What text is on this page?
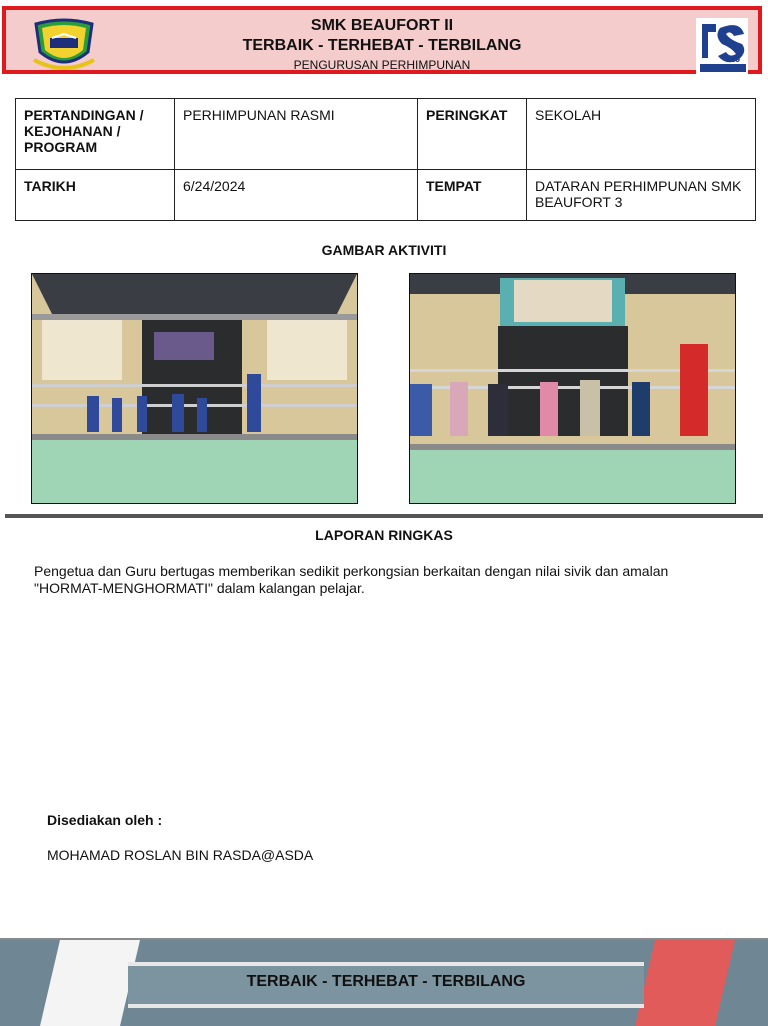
SMK BEAUFORT II
TERBAIK - TERHEBAT - TERBILANG
PENGURUSAN PERHIMPUNAN	25
PERTANDINGAN / KEJOHANAN / PROGRAM	PERHIMPUNAN RASMI	PERINGKAT	SEKOLAH
TARIKH	6/24/2024	TEMPAT	DATARAN PERHIMPUNAN SMK BEAUFORT 3
GAMBAR AKTIVITI
LAPORAN RINGKAS
Pengetua dan Guru bertugas memberikan sedikit perkongsian berkaitan dengan nilai sivik dan amalan "HORMAT-MENGHORMATI" dalam kalangan pelajar.
Disediakan oleh :
MOHAMAD ROSLAN BIN RASDA@ASDA
TERBAIK - TERHEBAT - TERBILANG
